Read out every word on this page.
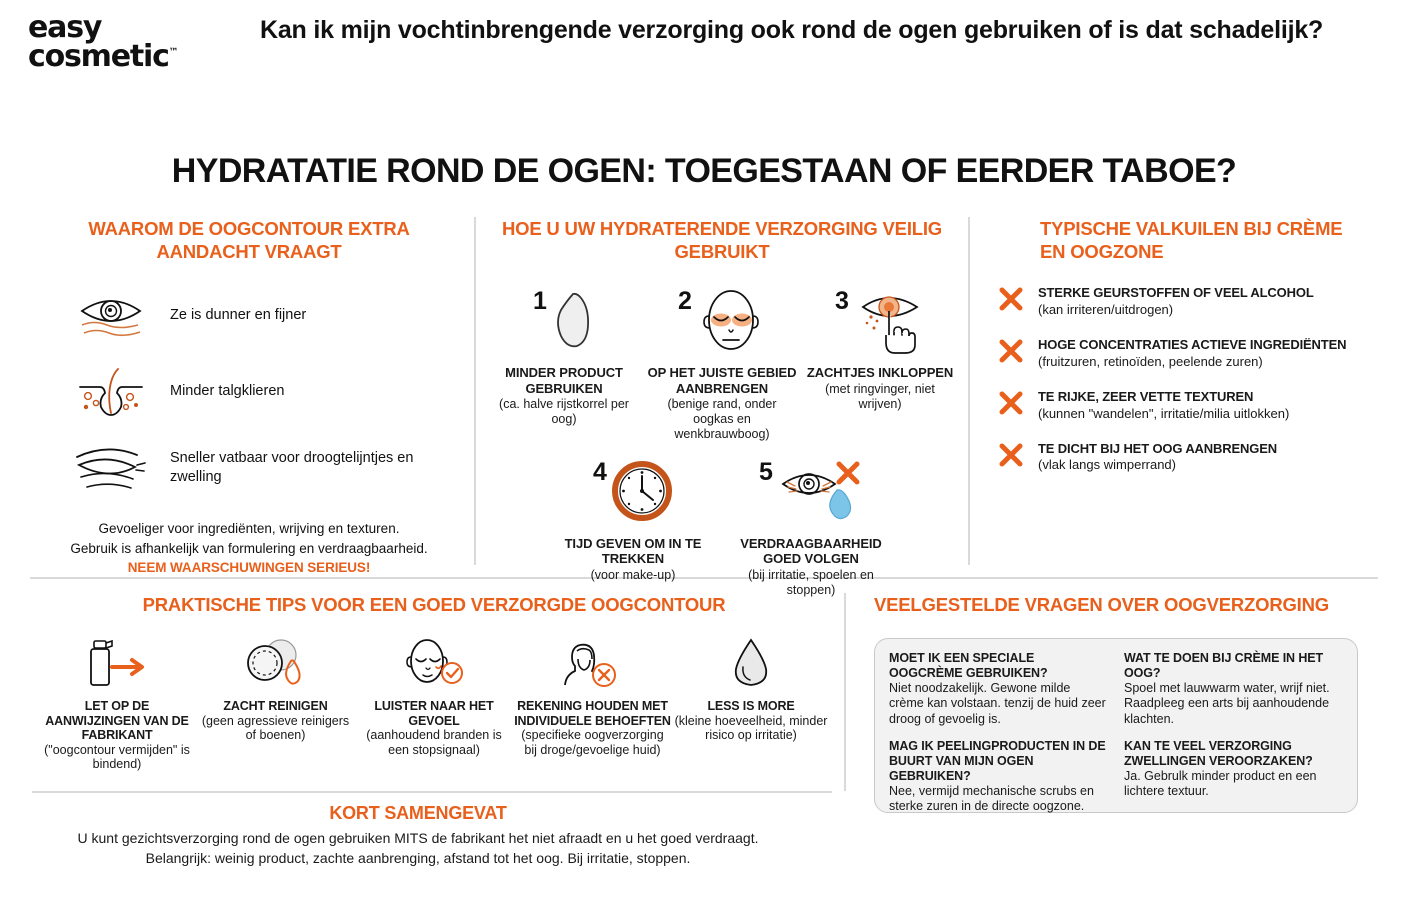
easy
cosmetic™
Kan ik mijn vochtinbrengende verzorging ook rond de ogen gebruiken of is dat schadelijk?
HYDRATATIE ROND DE OGEN: TOEGESTAAN OF EERDER TABOE?
WAAROM DE OOGCONTOUR EXTRA AANDACHT VRAAGT
Ze is dunner en fijner
Minder talgklieren
Sneller vatbaar voor droogtelijntjes en zwelling
Gevoeliger voor ingrediënten, wrijving en texturen.
Gebruik is afhankelijk van formulering en verdraagbaarheid.
NEEM WAARSCHUWINGEN SERIEUS!
HOE U UW HYDRATERENDE VERZORGING VEILIG GEBRUIKT
1
MINDER PRODUCT GEBRUIKEN
(ca. halve rijstkorrel per oog)
2
OP HET JUISTE GEBIED AANBRENGEN
(benige rand, onder oogkas en wenkbrauwboog)
3
ZACHTJES INKLOPPEN
(met ringvinger, niet wrijven)
4
TIJD GEVEN OM IN TE TREKKEN
(voor make-up)
5
VERDRAAGBAARHEID GOED VOLGEN
(bij irritatie, spoelen en stoppen)
TYPISCHE VALKUILEN BIJ CRÈME EN OOGZONE
STERKE GEURSTOFFEN OF VEEL ALCOHOL
(kan irriteren/uitdrogen)
HOGE CONCENTRATIES ACTIEVE INGREDIËNTEN
(fruitzuren, retinoïden, peelende zuren)
TE RIJKE, ZEER VETTE TEXTUREN
(kunnen "wandelen", irritatie/milia uitlokken)
TE DICHT BIJ HET OOG AANBRENGEN
(vlak langs wimperrand)
PRAKTISCHE TIPS VOOR EEN GOED VERZORGDE OOGCONTOUR
LET OP DE AANWIJZINGEN VAN DE FABRIKANT
("oogcontour vermijden" is bindend)
ZACHT REINIGEN
(geen agressieve reinigers of boenen)
LUISTER NAAR HET GEVOEL
(aanhoudend branden is een stopsignaal)
REKENING HOUDEN MET INDIVIDUELE BEHOEFTEN
(specifieke oogverzorging bij droge/gevoelige huid)
LESS IS MORE
(kleine hoeveelheid, minder risico op irritatie)
VEELGESTELDE VRAGEN OVER OOGVERZORGING
MOET IK EEN SPECIALE OOGCRÈME GEBRUIKEN?
Niet noodzakelijk. Gewone milde crème kan volstaan. tenzij de huid zeer droog of gevoelig is.
MAG IK PEELINGPRODUCTEN IN DE BUURT VAN MIJN OGEN GEBRUIKEN?
Nee, vermijd mechanische scrubs en sterke zuren in de directe oogzone.
WAT TE DOEN BIJ CRÈME IN HET OOG?
Spoel met lauwwarm water, wrijf niet. Raadpleeg een arts bij aanhoudende klachten.
KAN TE VEEL VERZORGING ZWELLINGEN VEROORZAKEN?
Ja. Gebrulk minder product en een lichtere textuur.
KORT SAMENGEVAT
U kunt gezichtsverzorging rond de ogen gebruiken MITS de fabrikant het niet afraadt en u het goed verdraagt.
Belangrijk: weinig product, zachte aanbrenging, afstand tot het oog. Bij irritatie, stoppen.
